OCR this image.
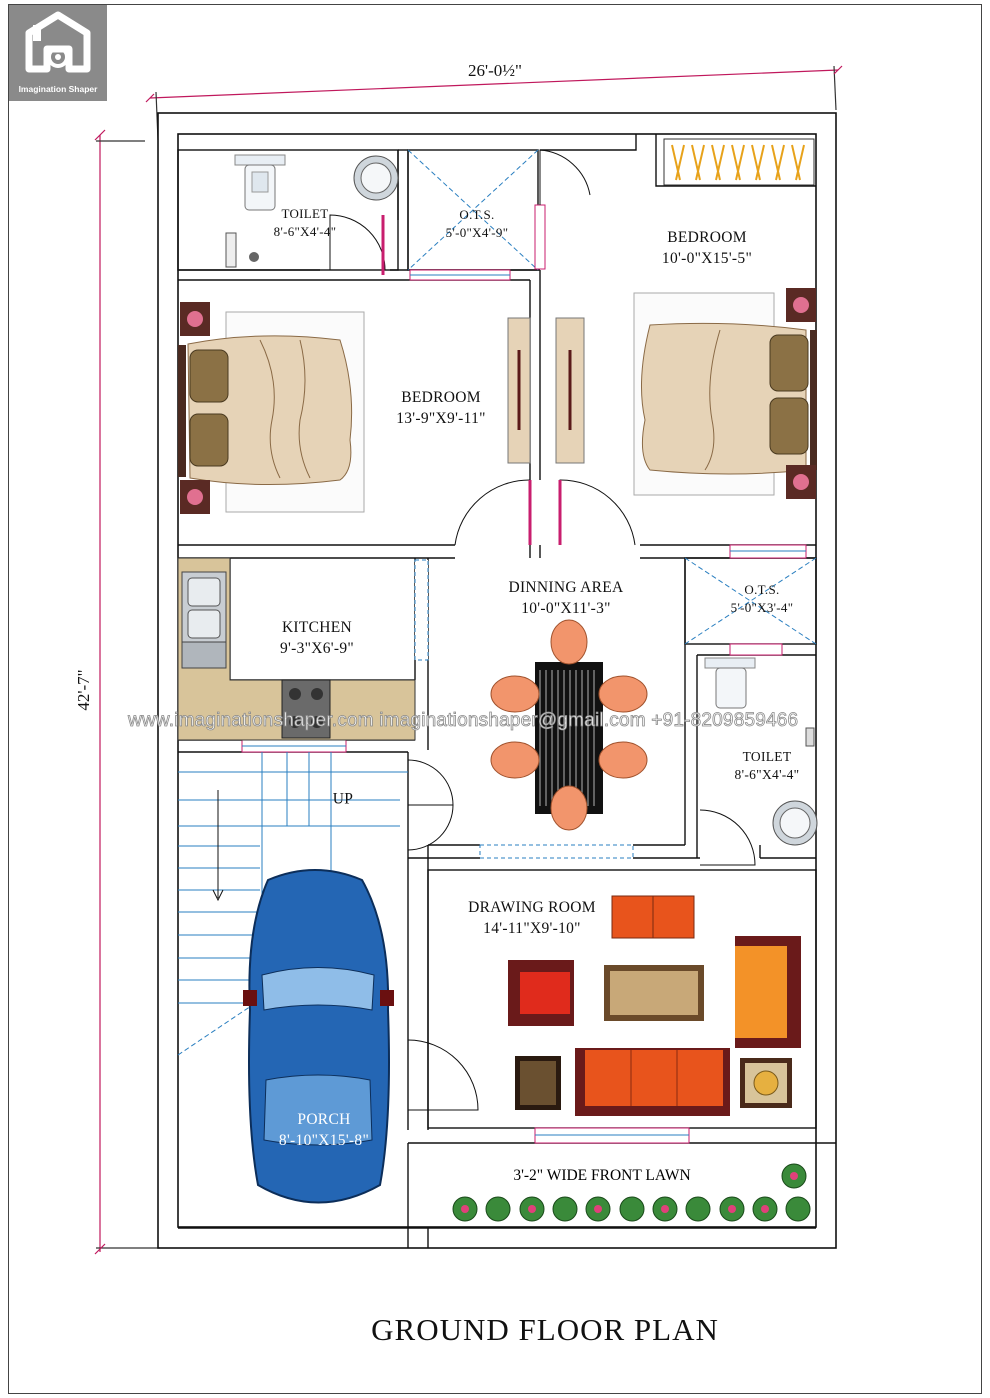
Imagination Shaper
26'-0½"
42'-7"
TOILET
8'-6"X4'-4"
O.T.S.
5'-0"X4'-9"	BEDROOM
10'-0"X15'-5"
BEDROOM
13'-9"X9'-11"
KITCHEN
9'-3"X6'-9"
DINNING AREA
10'-0"X11'-3"
O.T.S.
5'-0"X3'-4"
TOILET
8'-6"X4'-4"
UP
DRAWING ROOM
14'-11"X9'-10"
PORCH
8'-10"X15'-8"
3'-2" WIDE FRONT LAWN
www.imaginationshaper.com imaginationshaper@gmail.com +91-8209859466
GROUND FLOOR PLAN
